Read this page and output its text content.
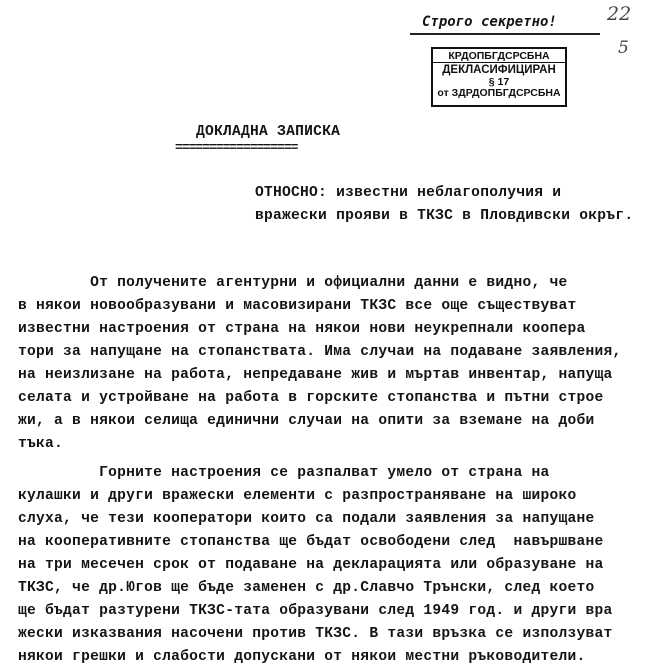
Строго секретно!	22
5
КРДОПБГДСРСБНА
ДЕКЛАСИФИЦИРАН
§ 17
от ЗДРДОПБГДСРСБНА
ДОКЛАДНА ЗАПИСКА
==================
ОТНОСНО: известни неблагополучия и
вражески прояви в ТКЗС в Пловдивски окръг.
От получените агентурни и официални данни е видно, че
в някои новообразувани и масовизирани ТКЗС все още съществуват
известни настроения от страна на някои нови неукрепнали коопера
тори за напущане на стопанствата. Има случаи на подаване заявления,
на неизлизане на работа, непредаване жив и мъртав инвентар, напуща
селата и устройване на работа в горските стопанства и пътни строе
жи, а в някои селища единични случаи на опити за вземане на доби
тъка.
Горните настроения се разпалват умело от страна на
кулашки и други вражески елементи с разпространяване на широко
слуха, че тези кооператори които са подали заявления за напущане
на кооперативните стопанства ще бъдат освободени след  навършване
на три месечен срок от подаване на декларацията или образуване на
ТКЗС, че др.Югов ще бъде заменен с др.Славчо Трънски, след което
ще бъдат разтурени ТКЗС-тата образувани след 1949 год. и други вра
жески изказвания насочени против ТКЗС. В тази връзка се използуват
някои грешки и слабости допускани от някои местни ръководители.
